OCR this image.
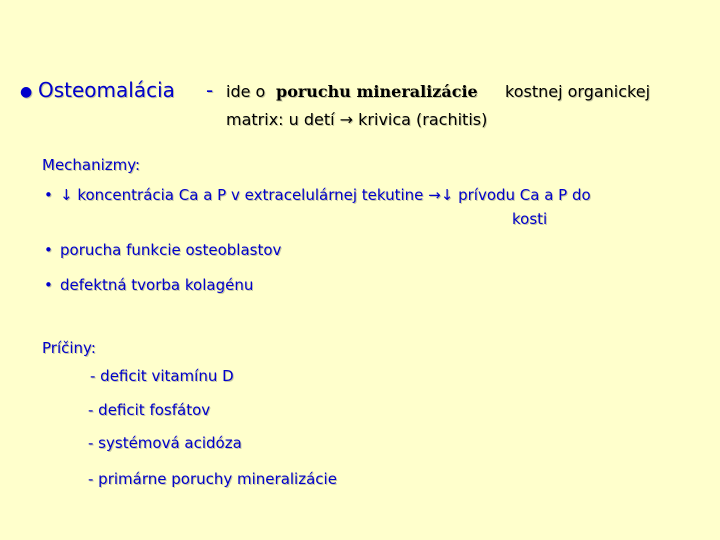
● Osteomalácia - ide o poruchu mineralizácie kostnej organickej
matrix: u detí → krivica (rachitis)
Mechanizmy:
• ↓ koncentrácia Ca a P v extracelulárnej tekutine →↓ prívodu Ca a P do
kosti
• porucha funkcie osteoblastov
• defektná tvorba kolagénu
Príčiny:
- deficit vitamínu D
- deficit fosfátov
- systémová acidóza
- primárne poruchy mineralizácie
